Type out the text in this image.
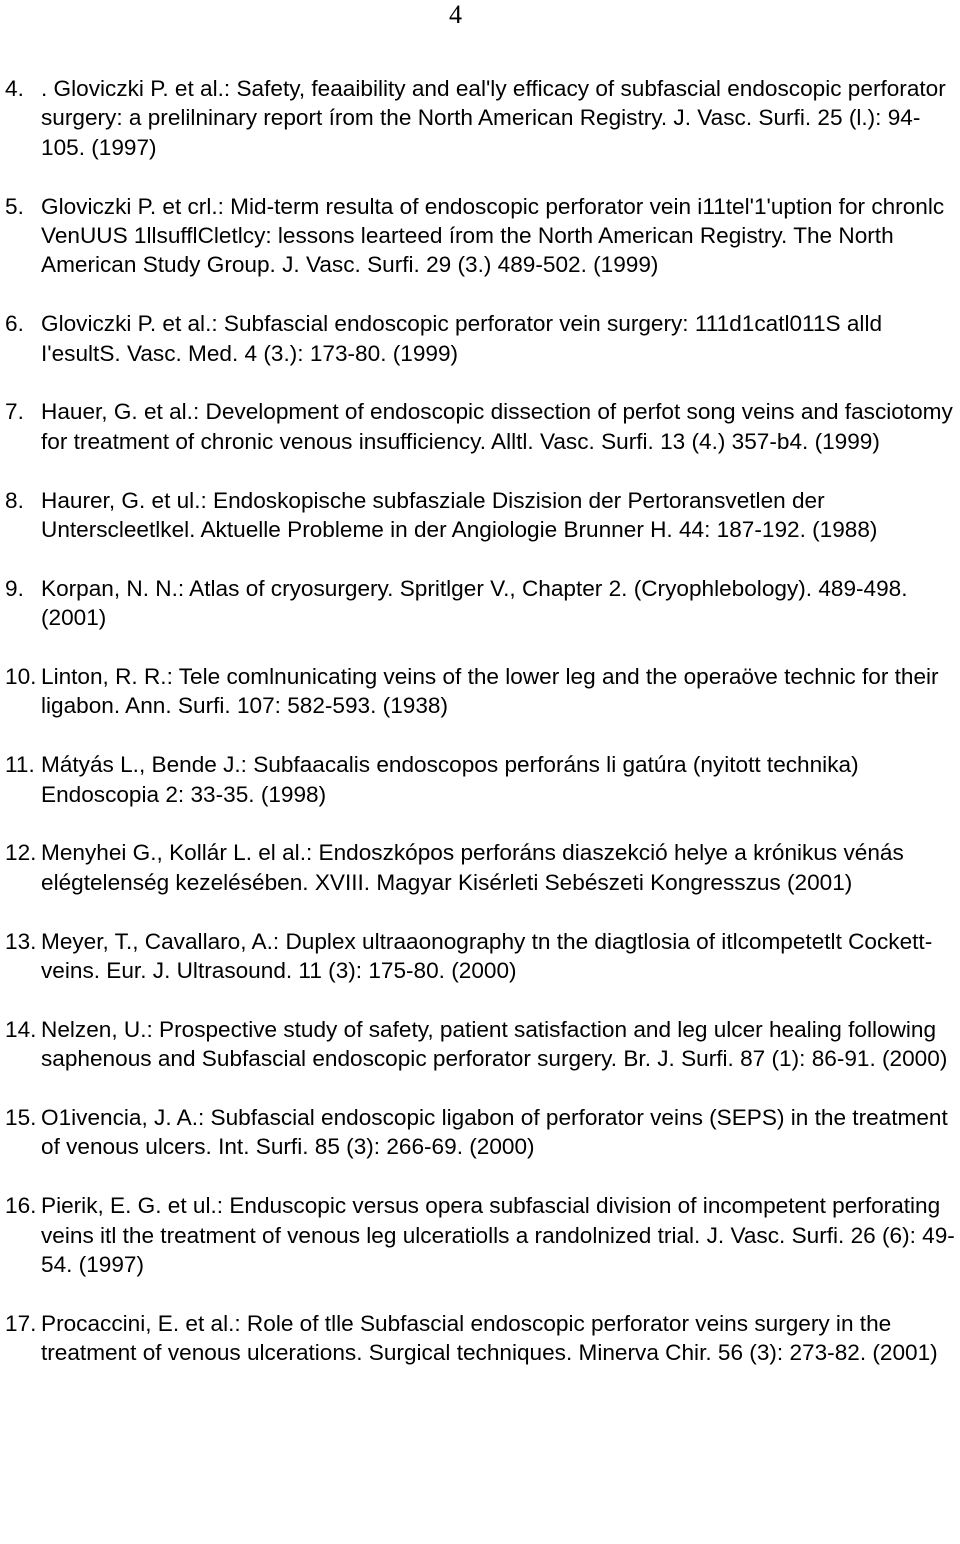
4
4. . Gloviczki P. et al.: Safety, feaaibility and eal'ly efficacy of subfascial endoscopic perforator surgery: a prelilninary report írom the North American Registry. J. Vasc. Surfi. 25 (l.): 94-105. (1997)
5. Gloviczki P. et crl.: Mid-term resulta of endoscopic perforator vein i11tel'1'uption for chronlc VenUUS 1llsufflCletlcy: lessons learteed írom the North American Registry. The North American Study Group. J. Vasc. Surfi. 29 (3.) 489-502. (1999)
6. Gloviczki P. et al.: Subfascial endoscopic perforator vein surgery: 111d1catl011S alld I'esultS. Vasc. Med. 4 (3.): 173-80. (1999)
7. Hauer, G. et al.: Development of endoscopic dissection of perfot song veins and fasciotomy for treatment of chronic venous insufficiency. Alltl. Vasc. Surfi. 13 (4.) 357-b4. (1999)
8. Haurer, G. et ul.: Endoskopische subfasziale Diszision der Pertoransvetlen der Unterscleetlkel. Aktuelle Probleme in der Angiologie Brunner H. 44: 187-192. (1988)
9. Korpan, N. N.: Atlas of cryosurgery. Spritlger V., Chapter 2. (Cryophlebology). 489-498. (2001)
10. Linton, R. R.: Tele comlnunicating veins of the lower leg and the operaöve technic for their ligabon. Ann. Surfi. 107: 582-593. (1938)
11. Mátyás L., Bende J.: Subfaacalis endoscopos perforáns li gatúra (nyitott technika) Endoscopia 2: 33-35. (1998)
12. Menyhei G., Kollár L. el al.: Endoszkópos perforáns diaszekció helye a krónikus vénás elégtelenség kezelésében. XVIII. Magyar Kisérleti Sebészeti Kongresszus (2001)
13. Meyer, T., Cavallaro, A.: Duplex ultraaonography tn the diagtlosia of itlcompetetlt Cockett-veins. Eur. J. Ultrasound. 11 (3): 175-80. (2000)
14. Nelzen, U.: Prospective study of safety, patient satisfaction and leg ulcer healing following saphenous and Subfascial endoscopic perforator surgery. Br. J. Surfi. 87 (1): 86-91. (2000)
15. O1ivencia, J. A.: Subfascial endoscopic ligabon of perforator veins (SEPS) in the treatment of venous ulcers. Int. Surfi. 85 (3): 266-69. (2000)
16. Pierik, E. G. et ul.: Enduscopic versus opera subfascial division of incompetent perforating veins itl the treatment of venous leg ulceratiolls a randolnized trial. J. Vasc. Surfi. 26 (6): 49-54. (1997)
17. Procaccini, E. et al.: Role of tlle Subfascial endoscopic perforator veins surgery in the treatment of venous ulcerations. Surgical techniques. Minerva Chir. 56 (3): 273-82. (2001)
